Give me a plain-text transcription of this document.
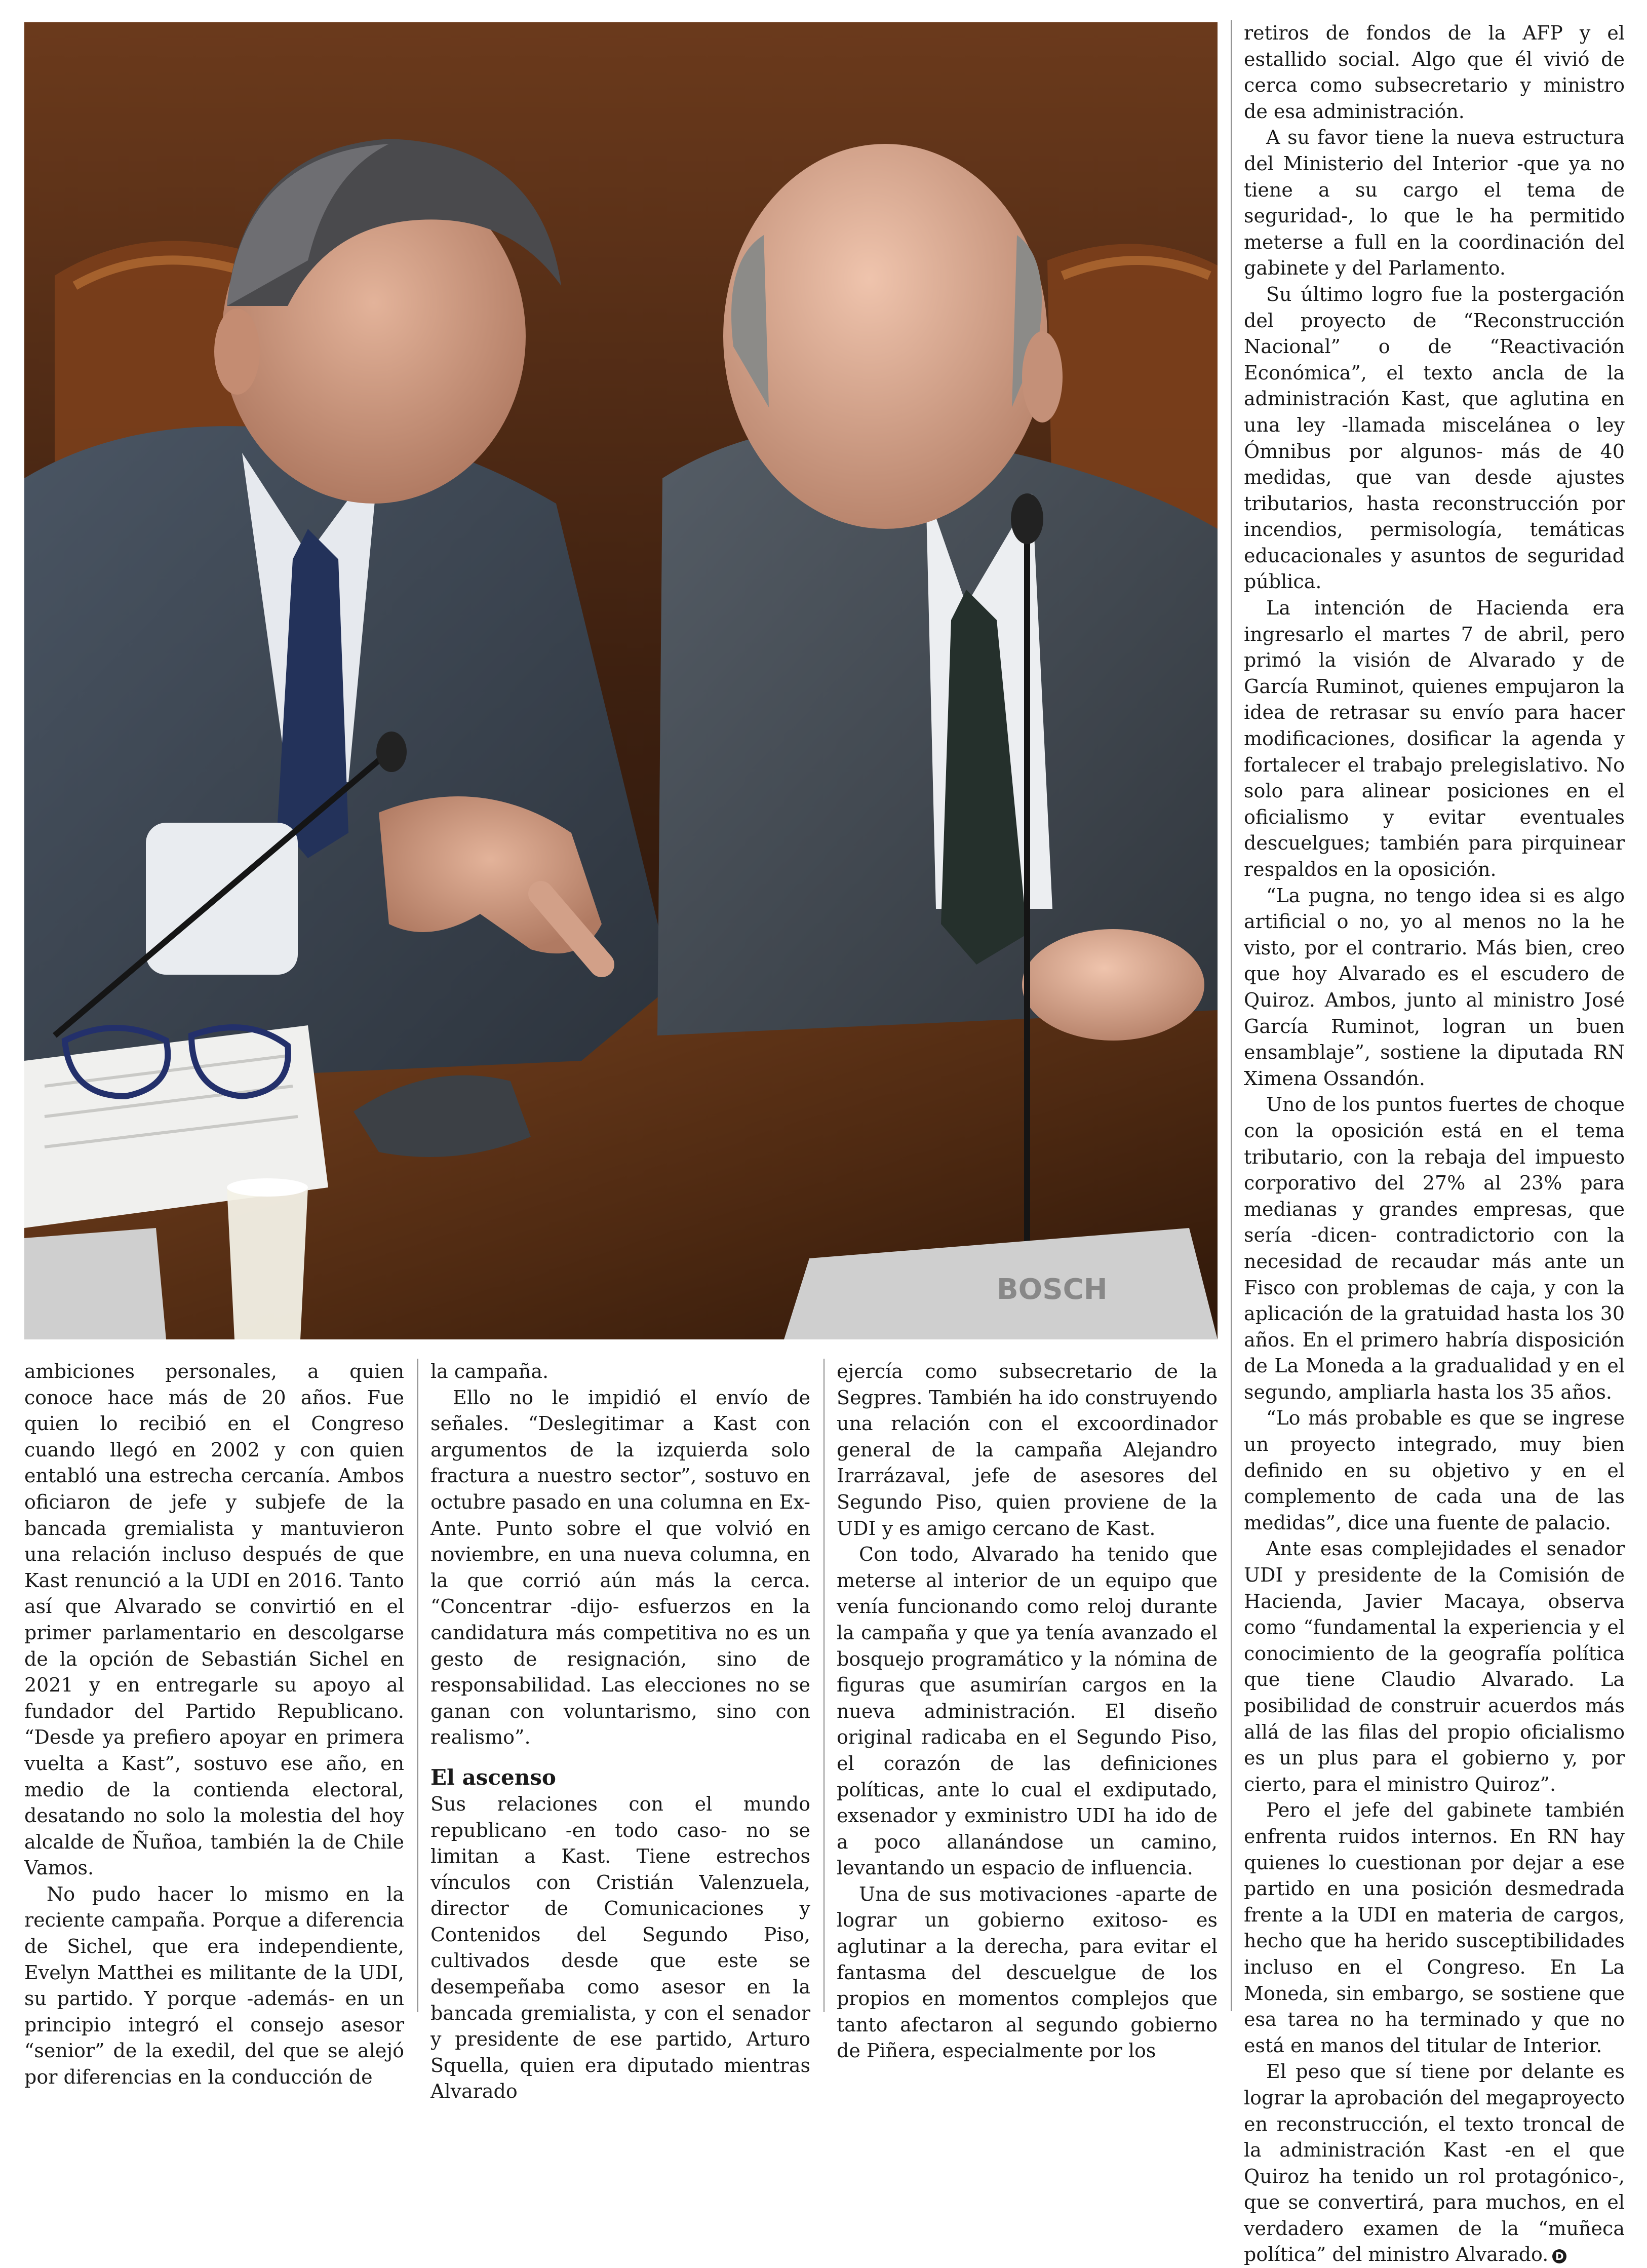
BOSCH

ambiciones personales, a quien conoce hace más de 20 años. Fue quien lo recibió en el Congreso cuando llegó en 2002 y con quien entabló una estrecha cercanía. Ambos oficiaron de jefe y subjefe de la bancada gremialista y mantuvieron una relación incluso después de que Kast renunció a la UDI en 2016. Tanto así que Alvarado se convirtió en el primer parlamentario en descolgarse de la opción de Sebastián Sichel en 2021 y en entregarle su apoyo al fundador del Partido Republicano. “Desde ya prefiero apoyar en primera vuelta a Kast”, sostuvo ese año, en medio de la contienda electoral, desatando no solo la molestia del hoy alcalde de Ñuñoa, también la de Chile Vamos.

No pudo hacer lo mismo en la reciente campaña. Porque a diferencia de Sichel, que era independiente, Evelyn Matthei es militante de la UDI, su partido. Y porque -además- en un principio integró el consejo asesor “senior” de la exedil, del que se alejó por diferencias en la conducción de

la campaña.

Ello no le impidió el envío de señales. “Deslegitimar a Kast con argumentos de la izquierda solo fractura a nuestro sector”, sostuvo en octubre pasado en una columna en Ex-Ante. Punto sobre el que volvió en noviembre, en una nueva columna, en la que corrió aún más la cerca. “Concentrar -dijo- esfuerzos en la candidatura más competitiva no es un gesto de resignación, sino de responsabilidad. Las elecciones no se ganan con voluntarismo, sino con realismo”.

El ascenso

Sus relaciones con el mundo republicano -en todo caso- no se limitan a Kast. Tiene estrechos vínculos con Cristián Valenzuela, director de Comunicaciones y Contenidos del Segundo Piso, cultivados desde que este se desempeñaba como asesor en la bancada gremialista, y con el senador y presidente de ese partido, Arturo Squella, quien era diputado mientras Alvarado

ejercía como subsecretario de la Segpres. También ha ido construyendo una relación con el excoordinador general de la campaña Alejandro Irarrázaval, jefe de asesores del Segundo Piso, quien proviene de la UDI y es amigo cercano de Kast.

Con todo, Alvarado ha tenido que meterse al interior de un equipo que venía funcionando como reloj durante la campaña y que ya tenía avanzado el bosquejo programático y la nómina de figuras que asumirían cargos en la nueva administración. El diseño original radicaba en el Segundo Piso, el corazón de las definiciones políticas, ante lo cual el exdiputado, exsenador y exministro UDI ha ido de a poco allanándose un camino, levantando un espacio de influencia.

Una de sus motivaciones -aparte de lograr un gobierno exitoso- es aglutinar a la derecha, para evitar el fantasma del descuelgue de los propios en momentos complejos que tanto afectaron al segundo gobierno de Piñera, especialmente por los

retiros de fondos de la AFP y el estallido social. Algo que él vivió de cerca como subsecretario y ministro de esa administración.

A su favor tiene la nueva estructura del Ministerio del Interior -que ya no tiene a su cargo el tema de seguridad-, lo que le ha permitido meterse a full en la coordinación del gabinete y del Parlamento.

Su último logro fue la postergación del proyecto de “Reconstrucción Nacional” o de “Reactivación Económica”, el texto ancla de la administración Kast, que aglutina en una ley -llamada miscelánea o ley Ómnibus por algunos- más de 40 medidas, que van desde ajustes tributarios, hasta reconstrucción por incendios, permisología, temáticas educacionales y asuntos de seguridad pública.

La intención de Hacienda era ingresarlo el martes 7 de abril, pero primó la visión de Alvarado y de García Ruminot, quienes empujaron la idea de retrasar su envío para hacer modificaciones, dosificar la agenda y fortalecer el trabajo prelegislativo. No solo para alinear posiciones en el oficialismo y evitar eventuales descuelgues; también para pirquinear respaldos en la oposición.

“La pugna, no tengo idea si es algo artificial o no, yo al menos no la he visto, por el contrario. Más bien, creo que hoy Alvarado es el escudero de Quiroz. Ambos, junto al ministro José García Ruminot, logran un buen ensamblaje”, sostiene la diputada RN Ximena Ossandón.

Uno de los puntos fuertes de choque con la oposición está en el tema tributario, con la rebaja del impuesto corporativo del 27% al 23% para medianas y grandes empresas, que sería -dicen- contradictorio con la necesidad de recaudar más ante un Fisco con problemas de caja, y con la aplicación de la gratuidad hasta los 30 años. En el primero habría disposición de La Moneda a la gradualidad y en el segundo, ampliarla hasta los 35 años.

“Lo más probable es que se ingrese un proyecto integrado, muy bien definido en su objetivo y en el complemento de cada una de las medidas”, dice una fuente de palacio.

Ante esas complejidades el senador UDI y presidente de la Comisión de Hacienda, Javier Macaya, observa como “fundamental la experiencia y el conocimiento de la geografía política que tiene Claudio Alvarado. La posibilidad de construir acuerdos más allá de las filas del propio oficialismo es un plus para el gobierno y, por cierto, para el ministro Quiroz”.

Pero el jefe del gabinete también enfrenta ruidos internos. En RN hay quienes lo cuestionan por dejar a ese partido en una posición desmedrada frente a la UDI en materia de cargos, hecho que ha herido susceptibilidades incluso en el Congreso. En La Moneda, sin embargo, se sostiene que esa tarea no ha terminado y que no está en manos del titular de Interior.

El peso que sí tiene por delante es lograr la aprobación del megaproyecto en reconstrucción, el texto troncal de la administración Kast -en el que Quiroz ha tenido un rol protagónico-, que se convertirá, para muchos, en el verdadero examen de la “muñeca política” del ministro Alvarado. D
